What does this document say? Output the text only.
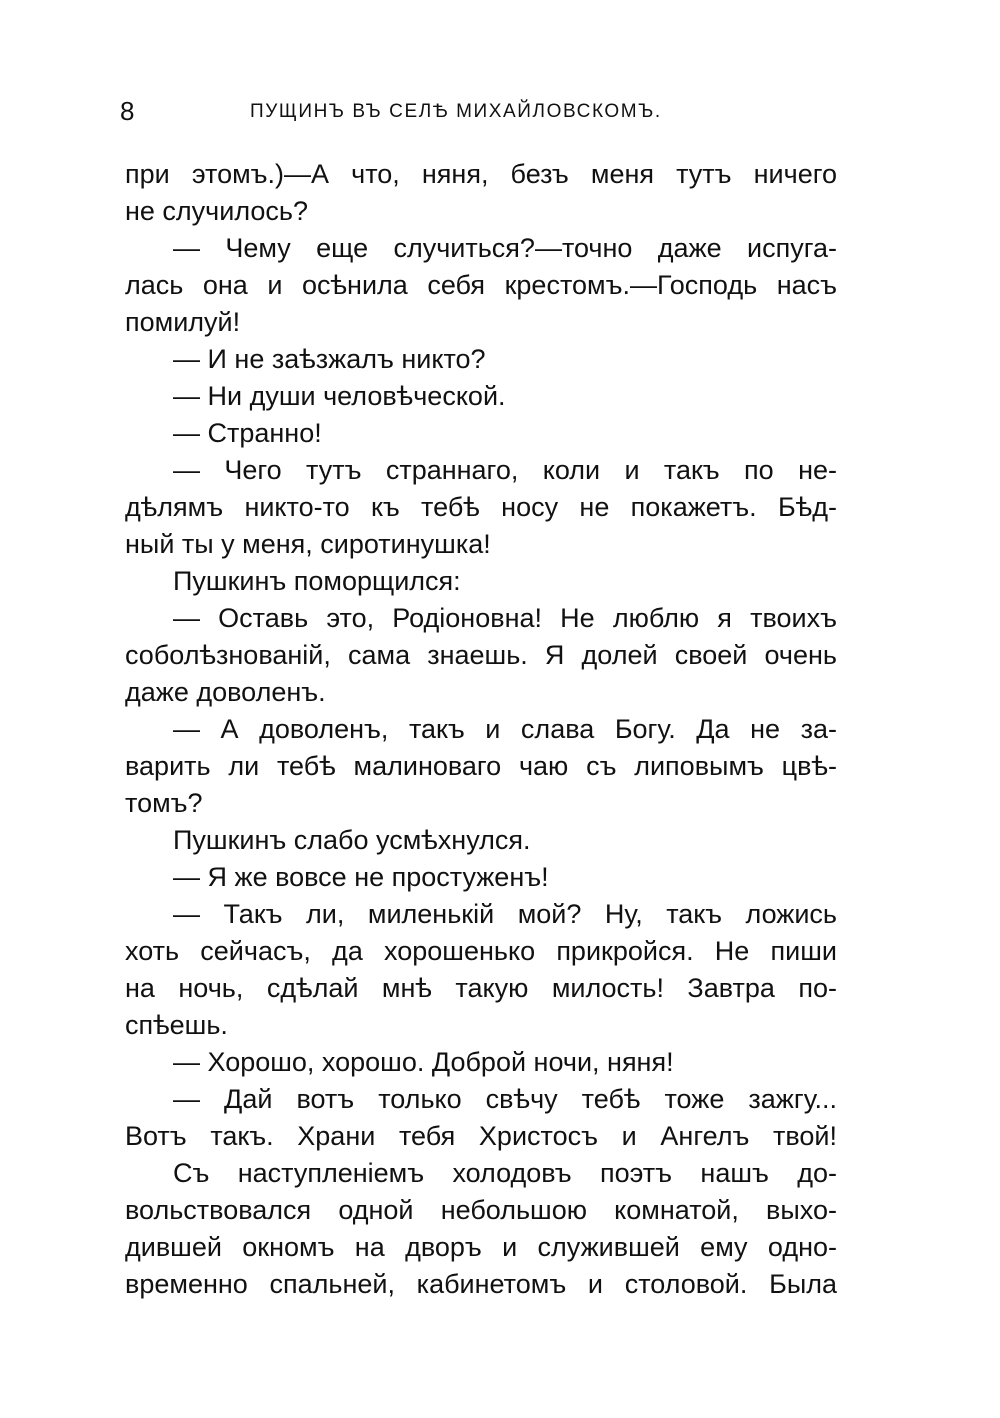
8	ПУЩИНЪ ВЪ СЕЛѢ МИХАЙЛОВСКОМЪ.
при этомъ.)—А что, няня, безъ меня тутъ ничего
не случилось?
— Чему еще случиться?—точно даже испуга-
лась она и осѣнила себя крестомъ.—Господь насъ
помилуй!
— И не заѣзжалъ никто?
— Ни души человѣческой.
— Странно!
— Чего тутъ страннаго, коли и такъ по не-
дѣлямъ никто-то къ тебѣ носу не покажетъ. Бѣд-
ный ты у меня, сиротинушка!
Пушкинъ поморщился:
— Оставь это, Родіоновна! Не люблю я твоихъ
соболѣзнованій, сама знаешь. Я долей своей очень
даже доволенъ.
— А доволенъ, такъ и слава Богу. Да не за-
варить ли тебѣ малиноваго чаю съ липовымъ цвѣ-
томъ?
Пушкинъ слабо усмѣхнулся.
— Я же вовсе не простуженъ!
— Такъ ли, миленькій мой? Ну, такъ ложись
хоть сейчасъ, да хорошенько прикройся. Не пиши
на ночь, сдѣлай мнѣ такую милость! Завтра по-
спѣешь.
— Хорошо, хорошо. Доброй ночи, няня!
— Дай вотъ только свѣчу тебѣ тоже зажгу...
Вотъ такъ. Храни тебя Христосъ и Ангелъ твой!
Съ наступленіемъ холодовъ поэтъ нашъ до-
вольствовался одной небольшою комнатой, выхо-
дившей окномъ на дворъ и служившей ему одно-
временно спальней, кабинетомъ и столовой. Была
